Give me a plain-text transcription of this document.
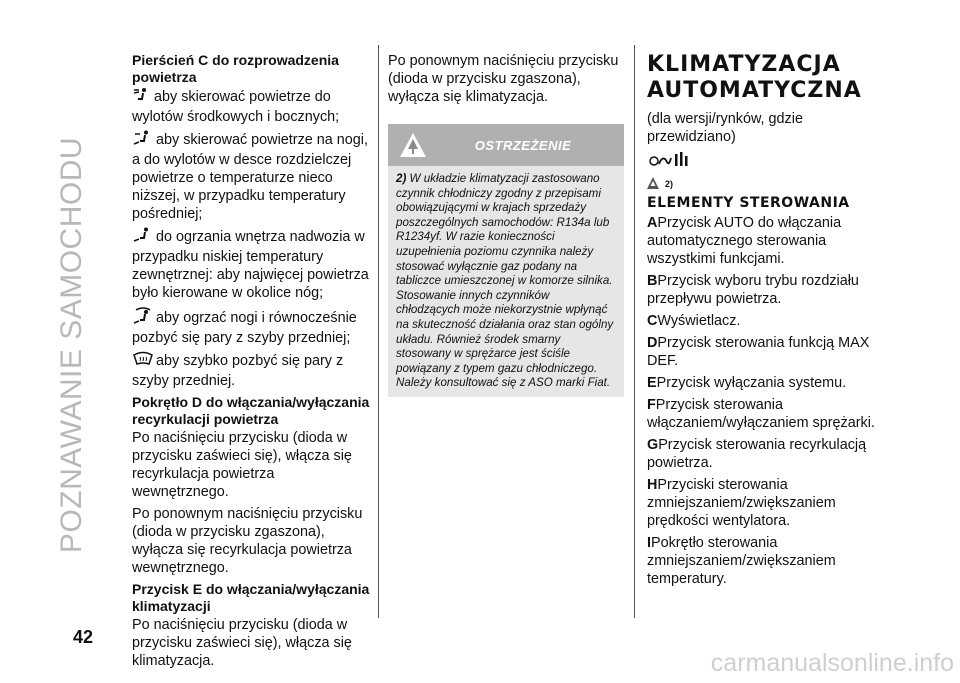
POZNAWANIE SAMOCHODU
42
carmanualsonline.info
Pierścień C do rozprowadzenia powietrza

aby skierować powietrze do wylotów środkowych i bocznych;

aby skierować powietrze na nogi, a do wylotów w desce rozdzielczej powietrze o temperaturze nieco niższej, w przypadku temperatury pośredniej;

do ogrzania wnętrza nadwozia w przypadku niskiej temperatury zewnętrznej: aby najwięcej powietrza było kierowane w okolice nóg;

aby ogrzać nogi i równocześnie pozbyć się pary z szyby przedniej;

aby szybko pozbyć się pary z szyby przedniej.

Pokrętło D do włączania/wyłączania recyrkulacji powietrza

Po naciśnięciu przycisku (dioda w przycisku zaświeci się), włącza się recyrkulacja powietrza wewnętrznego.

Po ponownym naciśnięciu przycisku (dioda w przycisku zgaszona), wyłącza się recyrkulacja powietrza wewnętrznego.

Przycisk E do włączania/wyłączania klimatyzacji

Po naciśnięciu przycisku (dioda w przycisku zaświeci się), włącza się klimatyzacja.

Po ponownym naciśnięciu przycisku (dioda w przycisku zgaszona), wyłącza się klimatyzacja.

OSTRZEŻENIE
2) W układzie klimatyzacji zastosowano czynnik chłodniczy zgodny z przepisami obowiązującymi w krajach sprzedaży poszczególnych samochodów: R134a lub R1234yf. W razie konieczności uzupełnienia poziomu czynnika należy stosować wyłącznie gaz podany na tabliczce umieszczonej w komorze silnika. Stosowanie innych czynników chłodzących może niekorzystnie wpłynąć na skuteczność działania oraz stan ogólny układu. Również środek smarny stosowany w sprężarce jest ściśle powiązany z typem gazu chłodniczego. Należy konsultować się z ASO marki Fiat.
KLIMATYZACJA
AUTOMATYCZNA

(dla wersji/rynków, gdzie przewidziano)

2)
ELEMENTY STEROWANIA

APrzycisk AUTO do włączania automatycznego sterowania wszystkimi funkcjami.

BPrzycisk wyboru trybu rozdziału przepływu powietrza.

CWyświetlacz.

DPrzycisk sterowania funkcją MAX DEF.

EPrzycisk wyłączania systemu.

FPrzycisk sterowania włączaniem/wyłączaniem sprężarki.

GPrzycisk sterowania recyrkulacją powietrza.

HPrzyciski sterowania zmniejszaniem/zwiększaniem prędkości wentylatora.

IPokrętło sterowania zmniejszaniem/zwiększaniem temperatury.
